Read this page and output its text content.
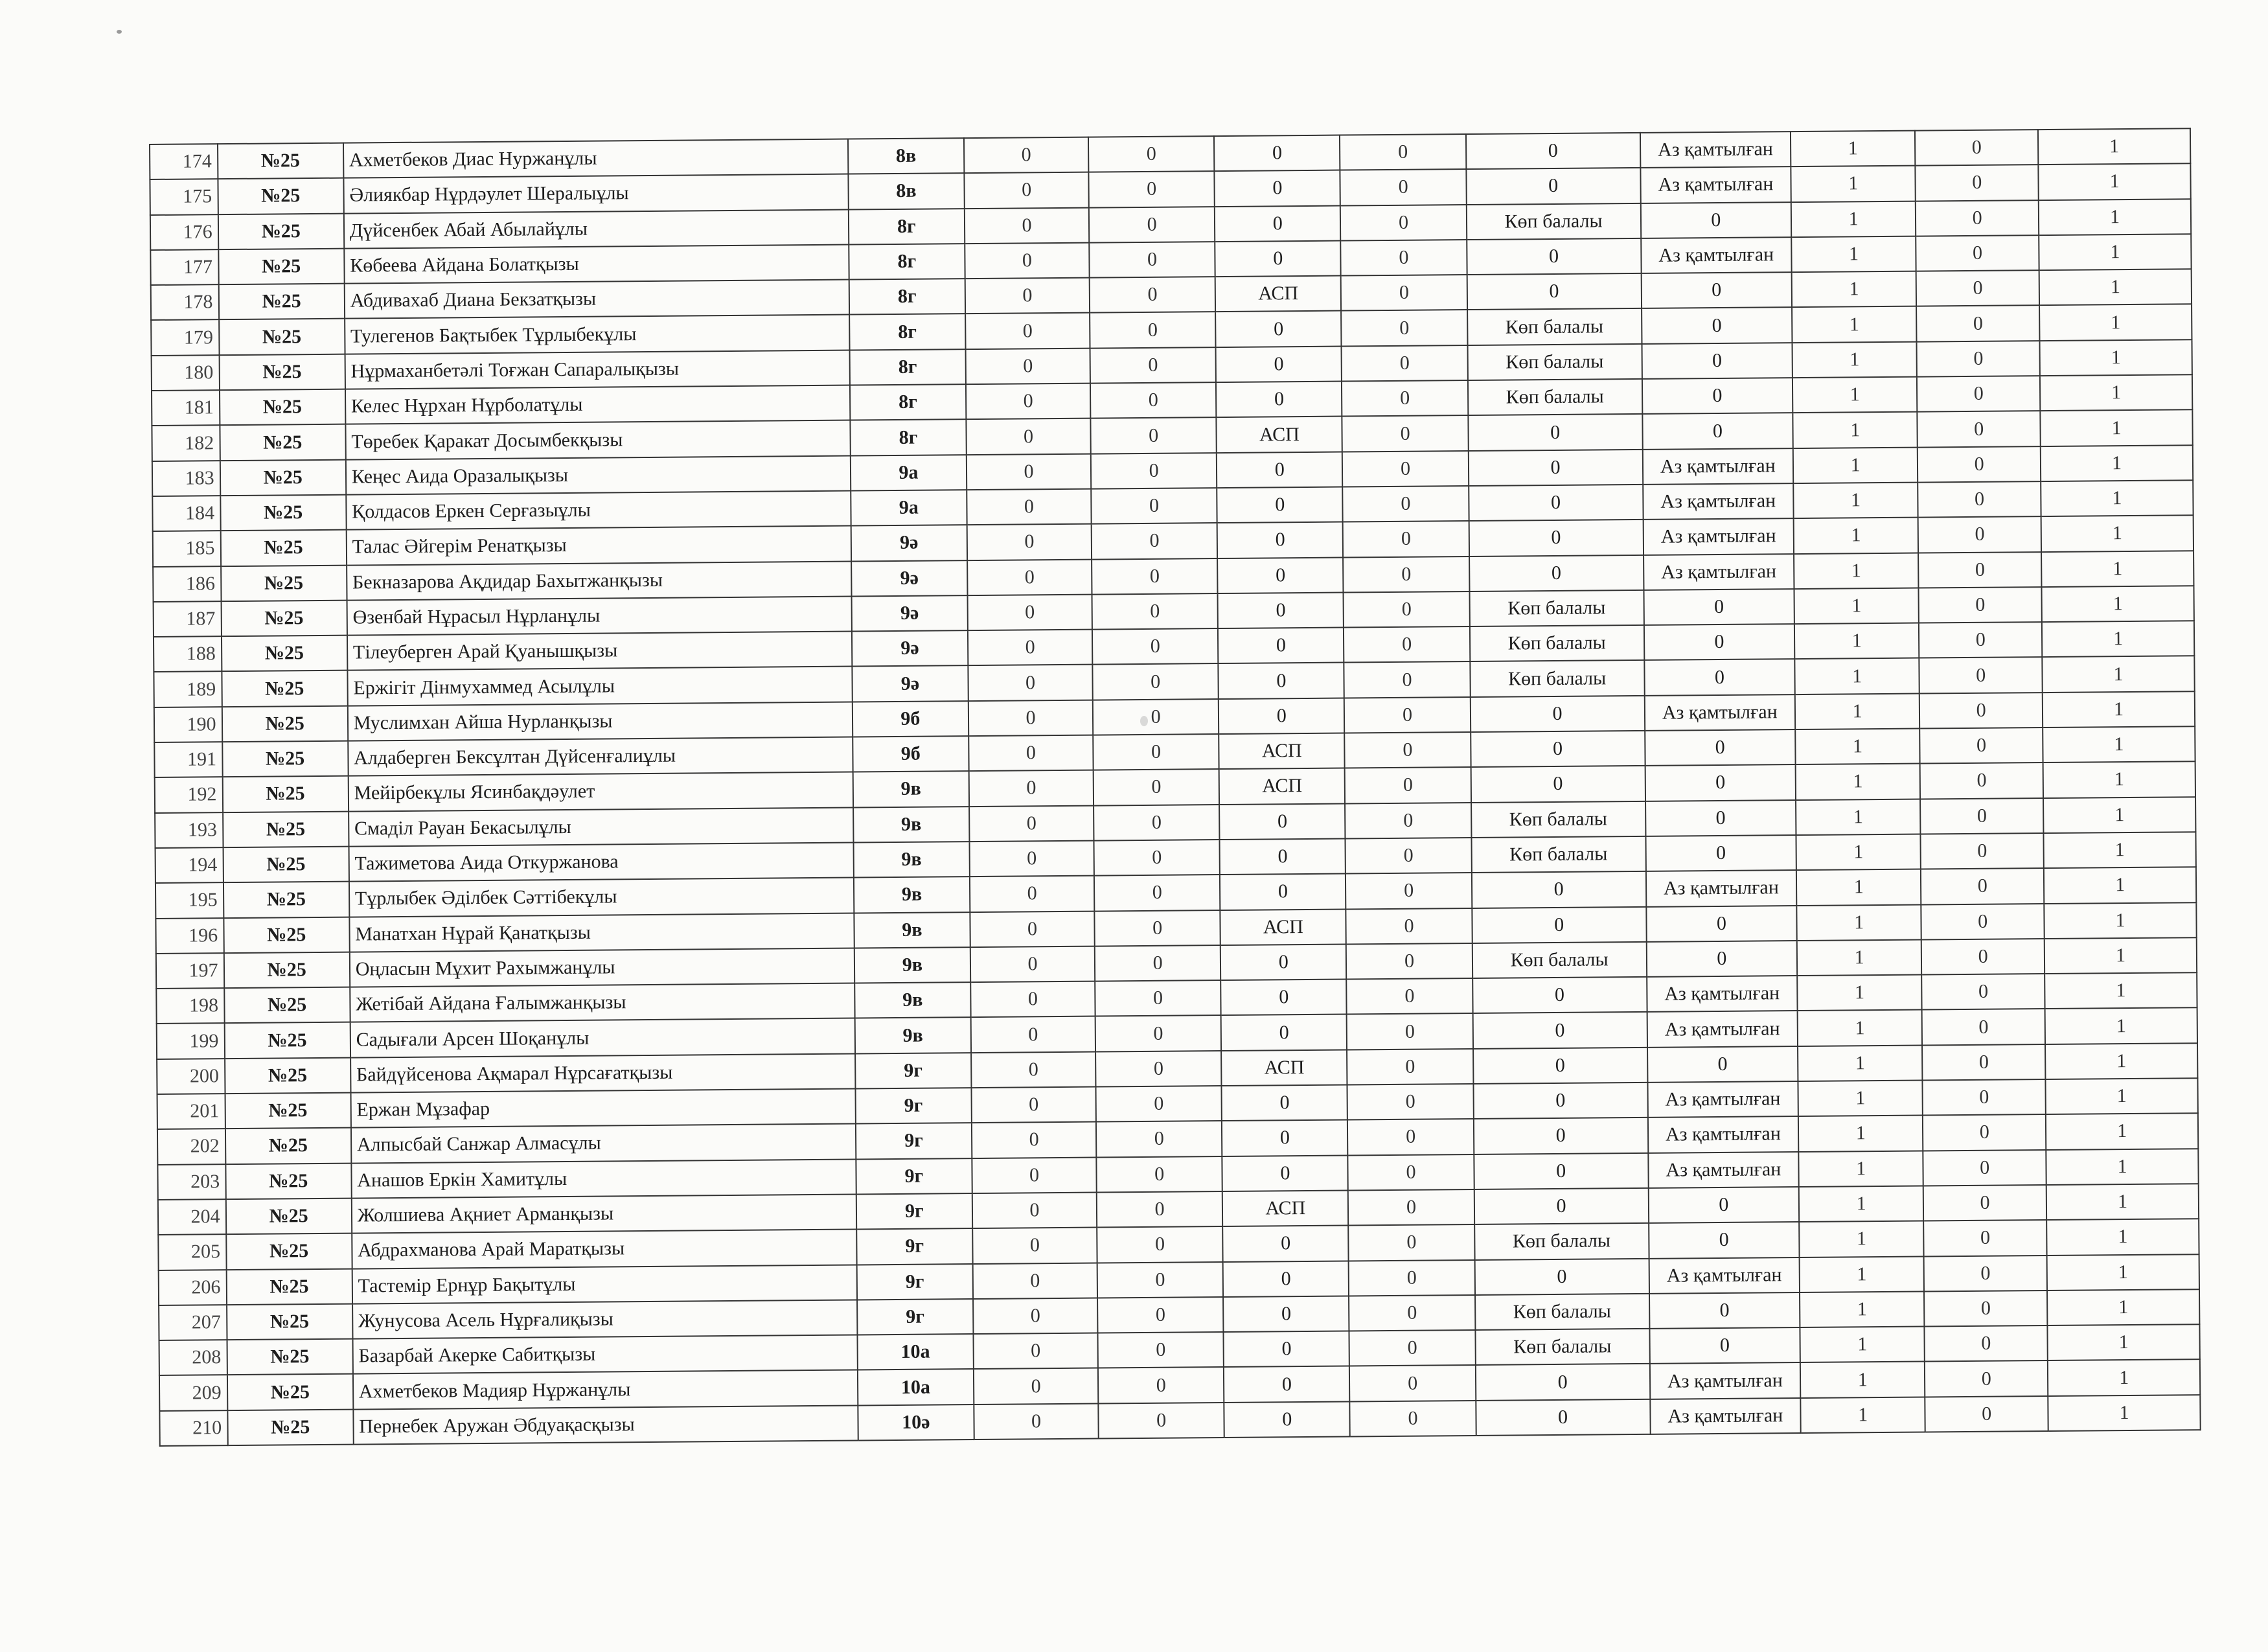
174	№25	Ахметбеков Диас Нуржанұлы	8в	0	0	0	0	0	Аз қамтылған	1	0	1
175	№25	Әлиякбар Нұрдәулет Шералыұлы	8в	0	0	0	0	0	Аз қамтылған	1	0	1
176	№25	Дүйсенбек Абай Абылайұлы	8г	0	0	0	0	Көп балалы	0	1	0	1
177	№25	Көбеева Айдана Болатқызы	8г	0	0	0	0	0	Аз қамтылған	1	0	1
178	№25	Абдивахаб Диана Бекзатқызы	8г	0	0	АСП	0	0	0	1	0	1
179	№25	Тулегенов Бақтыбек Тұрлыбекұлы	8г	0	0	0	0	Көп балалы	0	1	0	1
180	№25	Нұрмаханбетәлі Тоғжан Сапаралықызы	8г	0	0	0	0	Көп балалы	0	1	0	1
181	№25	Келес Нұрхан Нұрболатұлы	8г	0	0	0	0	Көп балалы	0	1	0	1
182	№25	Төребек Қаракат Досымбекқызы	8г	0	0	АСП	0	0	0	1	0	1
183	№25	Кеңес Аида Оразалықызы	9а	0	0	0	0	0	Аз қамтылған	1	0	1
184	№25	Қолдасов Еркен Серғазыұлы	9а	0	0	0	0	0	Аз қамтылған	1	0	1
185	№25	Талас Әйгерім Ренатқызы	9ә	0	0	0	0	0	Аз қамтылған	1	0	1
186	№25	Бекназарова Ақдидар Бахытжанқызы	9ә	0	0	0	0	0	Аз қамтылған	1	0	1
187	№25	Өзенбай Нұрасыл Нұрланұлы	9ә	0	0	0	0	Көп балалы	0	1	0	1
188	№25	Тілеуберген Арай Қуанышқызы	9ә	0	0	0	0	Көп балалы	0	1	0	1
189	№25	Ержігіт Дінмухаммед Асылұлы	9ә	0	0	0	0	Көп балалы	0	1	0	1
190	№25	Муслимхан Айша Нурланқызы	9б	0	0	0	0	0	Аз қамтылған	1	0	1
191	№25	Алдаберген Бексұлтан Дүйсенғалиұлы	9б	0	0	АСП	0	0	0	1	0	1
192	№25	Мейірбекұлы Ясинбақдәулет	9в	0	0	АСП	0	0	0	1	0	1
193	№25	Смаділ Рауан Бекасылұлы	9в	0	0	0	0	Көп балалы	0	1	0	1
194	№25	Тажиметова Аида Откуржанова	9в	0	0	0	0	Көп балалы	0	1	0	1
195	№25	Тұрлыбек Әділбек Сәттібекұлы	9в	0	0	0	0	0	Аз қамтылған	1	0	1
196	№25	Манатхан Нұрай Қанатқызы	9в	0	0	АСП	0	0	0	1	0	1
197	№25	Оңласын Мұхит Рахымжанұлы	9в	0	0	0	0	Көп балалы	0	1	0	1
198	№25	Жетібай Айдана Ғалымжанқызы	9в	0	0	0	0	0	Аз қамтылған	1	0	1
199	№25	Садығали Арсен Шоқанұлы	9в	0	0	0	0	0	Аз қамтылған	1	0	1
200	№25	Байдүйсенова Ақмарал Нұрсағатқызы	9г	0	0	АСП	0	0	0	1	0	1
201	№25	Ержан Мұзафар	9г	0	0	0	0	0	Аз қамтылған	1	0	1
202	№25	Алпысбай Санжар Алмасұлы	9г	0	0	0	0	0	Аз қамтылған	1	0	1
203	№25	Анашов Еркін Хамитұлы	9г	0	0	0	0	0	Аз қамтылған	1	0	1
204	№25	Жолшиева Ақниет Арманқызы	9г	0	0	АСП	0	0	0	1	0	1
205	№25	Абдрахманова Арай Маратқызы	9г	0	0	0	0	Көп балалы	0	1	0	1
206	№25	Тастемір Ернұр Бақытұлы	9г	0	0	0	0	0	Аз қамтылған	1	0	1
207	№25	Жунусова Асель Нұрғалиқызы	9г	0	0	0	0	Көп балалы	0	1	0	1
208	№25	Базарбай Акерке Сабитқызы	10а	0	0	0	0	Көп балалы	0	1	0	1
209	№25	Ахметбеков Мадияр Нұржанұлы	10а	0	0	0	0	0	Аз қамтылған	1	0	1
210	№25	Пернебек Аружан Әбдуақасқызы	10ә	0	0	0	0	0	Аз қамтылған	1	0	1
